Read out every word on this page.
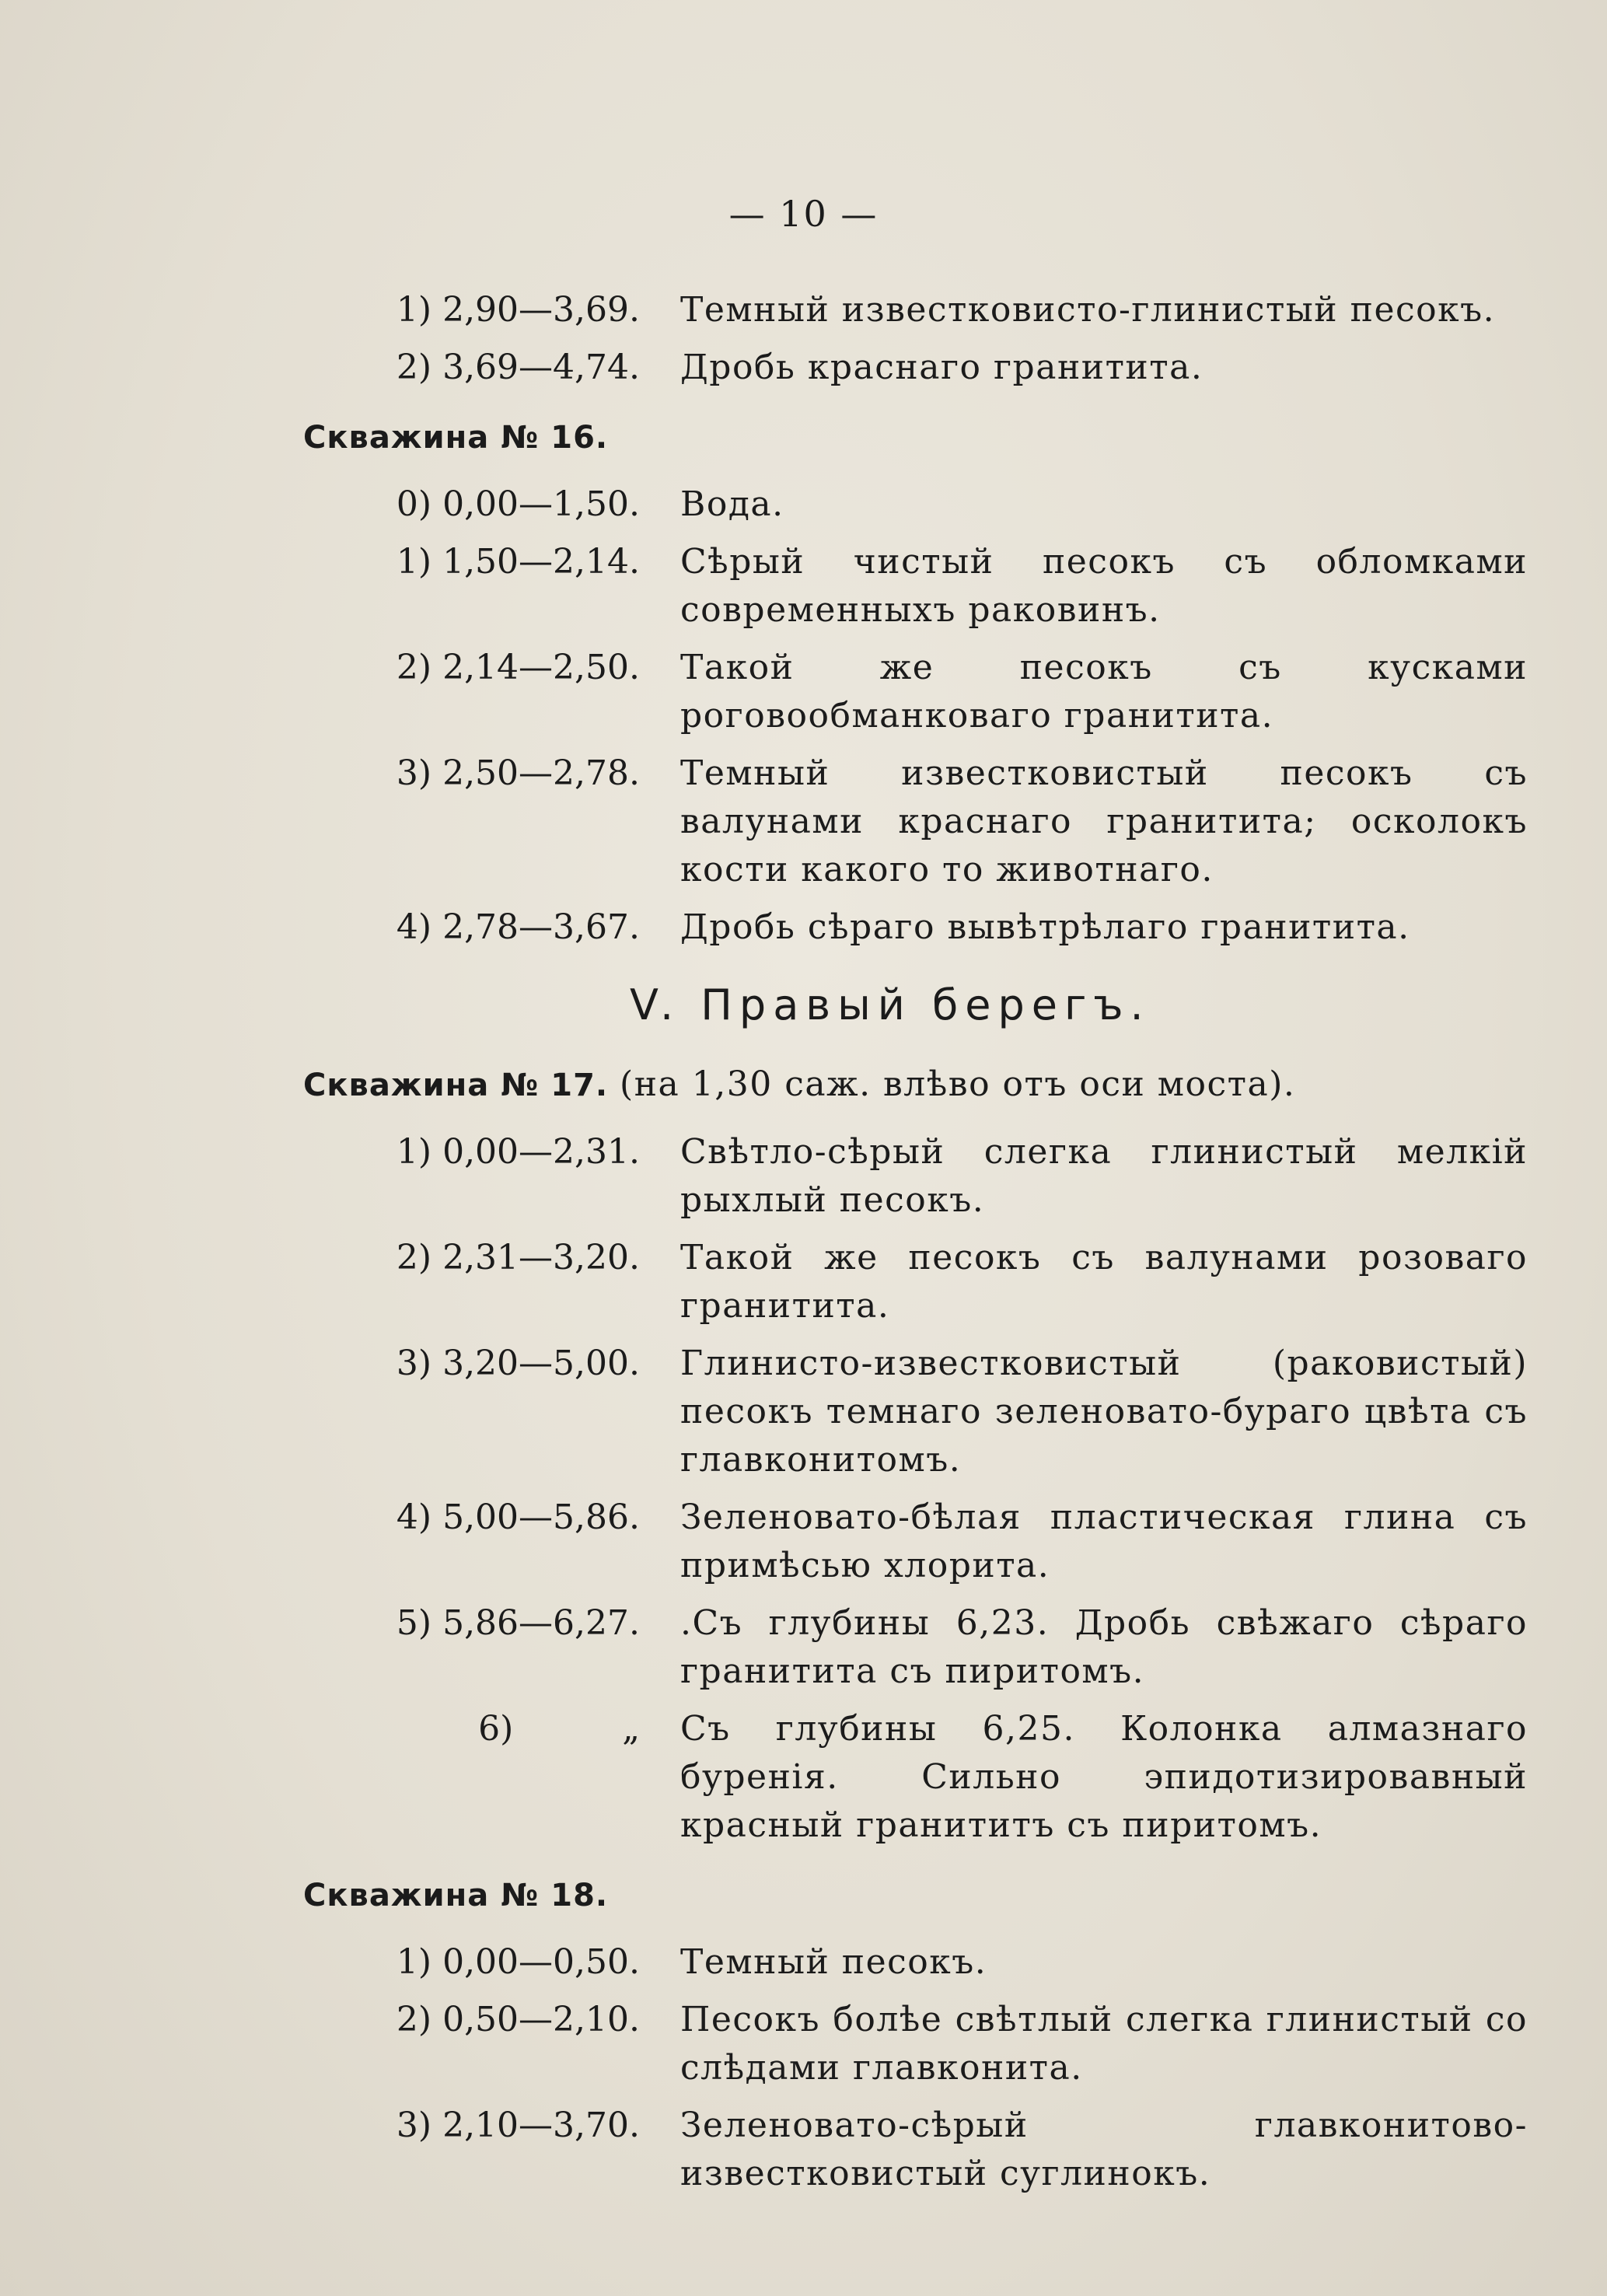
— 10 —
1) 2,90—3,69.	Темный известковисто-глинистый песокъ.
2) 3,69—4,74.	Дробь краснаго гранитита.
Скважина № 16.
0) 0,00—1,50.	Вода.
1) 1,50—2,14.	Сѣрый чистый песокъ съ обломками современныхъ раковинъ.
2) 2,14—2,50.	Такой же песокъ съ кусками роговообманковаго гранитита.
3) 2,50—2,78.	Темный известковистый песокъ съ валунами краснаго гранитита; осколокъ кости какого то животнаго.
4) 2,78—3,67.	Дробь сѣраго вывѣтрѣлаго гранитита.
V. Правый берегъ.
Скважина № 17. (на 1,30 саж. влѣво отъ оси моста).
1) 0,00—2,31.	Свѣтло-сѣрый слегка глинистый мелкій рыхлый песокъ.
2) 2,31—3,20.	Такой же песокъ съ валунами розоваго гранитита.
3) 3,20—5,00.	Глинисто-известковистый (раковистый) песокъ темнаго зеленовато-бураго цвѣта съ главконитомъ.
4) 5,00—5,86.	Зеленовато-бѣлая пластическая глина съ примѣсью хлорита.
5) 5,86—6,27.	.Съ глубины 6,23. Дробь свѣжаго сѣраго гранитита съ пиритомъ.
6)          „	Съ глубины 6,25. Колонка алмазнаго буренія. Сильно эпидотизировавный красный гранититъ съ пиритомъ.
Скважина № 18.
1) 0,00—0,50.	Темный песокъ.
2) 0,50—2,10.	Песокъ болѣе свѣтлый слегка глинистый со слѣдами главконита.
3) 2,10—3,70.	Зеленовато-сѣрый главконитово-известковистый суглинокъ.
